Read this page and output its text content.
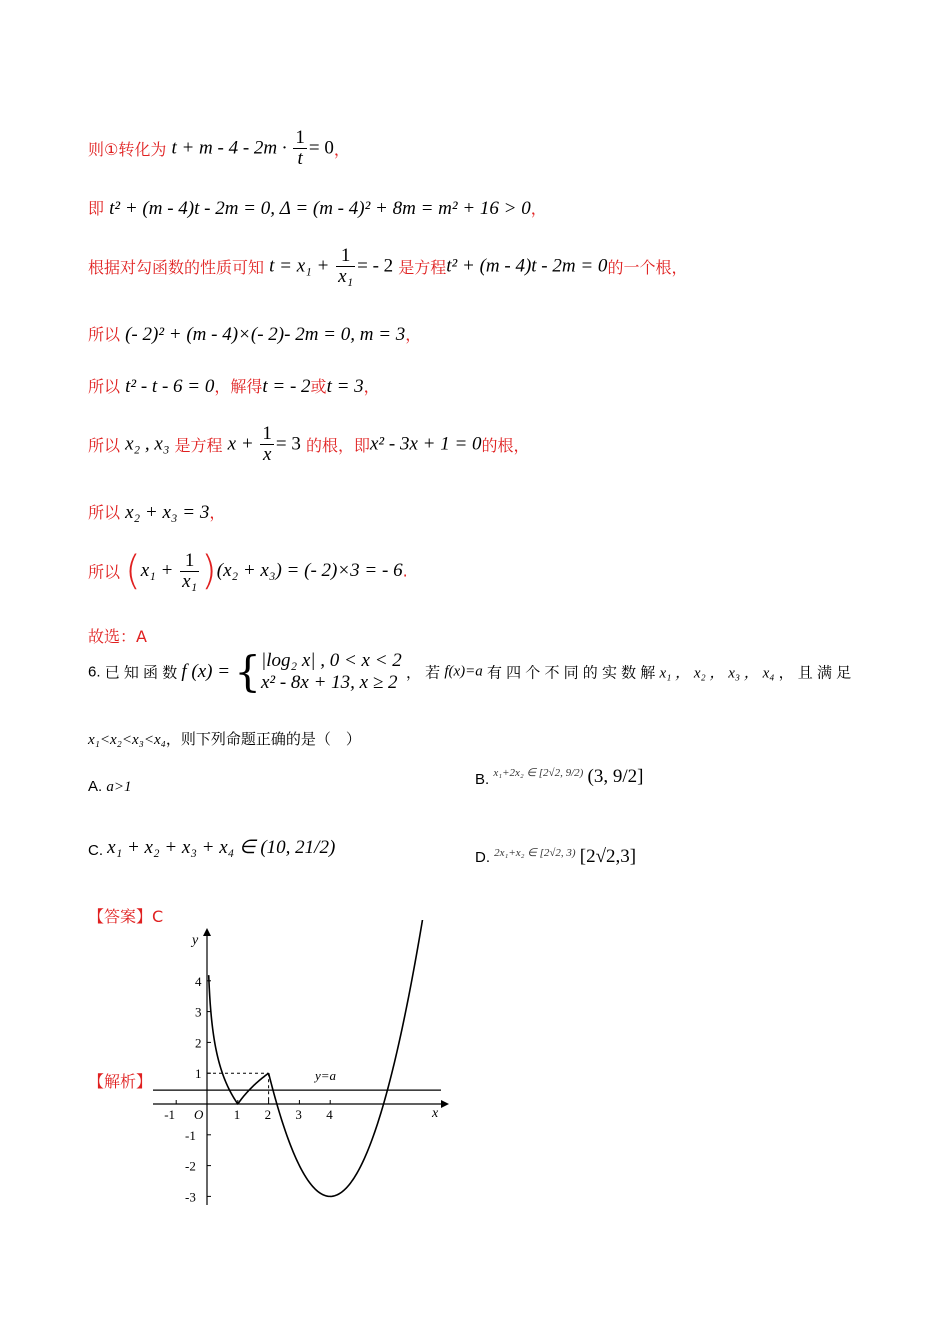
则①转化为 $t + m - 4 - 2m \cdot \frac{1}{t} = 0$，
即 t² + (m - 4)t - 2m = 0, Δ = (m - 4)² + 8m = m² + 16 > 0，
根据对勾函数的性质可知 $t = x_1 + \frac{1}{\text{x₁}}$ = - 2 是方程t² + (m - 4)t - 2m = 0的一个根，
所以 (- 2)² + (m - 4)×(- 2)- 2m = 0, m = 3，
所以 t² - t - 6 = 0，解得t = - 2或t = 3，
所以 x₂ , x₃ 是方程 $x + \frac{1}{x} = 3$ 的根，即x² - 3x + 1 = 0的根，
所以 x₂ + x₃ = 3，
所以 $(x_1 + \frac{1}{\text{x₁}} )(x_2 + x_3)$ = (- 2)×3 = - 6.
故选：A
6. 已 知 函 数 f (x) = { |log₂ x| , 0 < x < 2
x² - 8x + 13, x ≥ 2 ， 若 f(x)=a 有 四 个 不 同 的 实 数 解 x₁ ， x₂ ， x₃ ， x₄ ， 且 满 足
x₁<x₂<x₃<x₄，则下列命题正确的是（　）
A. a>1	B. $^{x_1+2x_2 \in [2√2, 9/2)}$ (3, 9/2]
C. x₁ + x₂ + x₃ + x₄ ∈ (10, 21/2)	D. $^{2x_1+x_2 \in [2√2, 3)}$ [2√2,3]
【答案】C
【解析】
x
y
-1	1 2 3 4
O
4
3
2
1
-1
-2
-3
y=a
